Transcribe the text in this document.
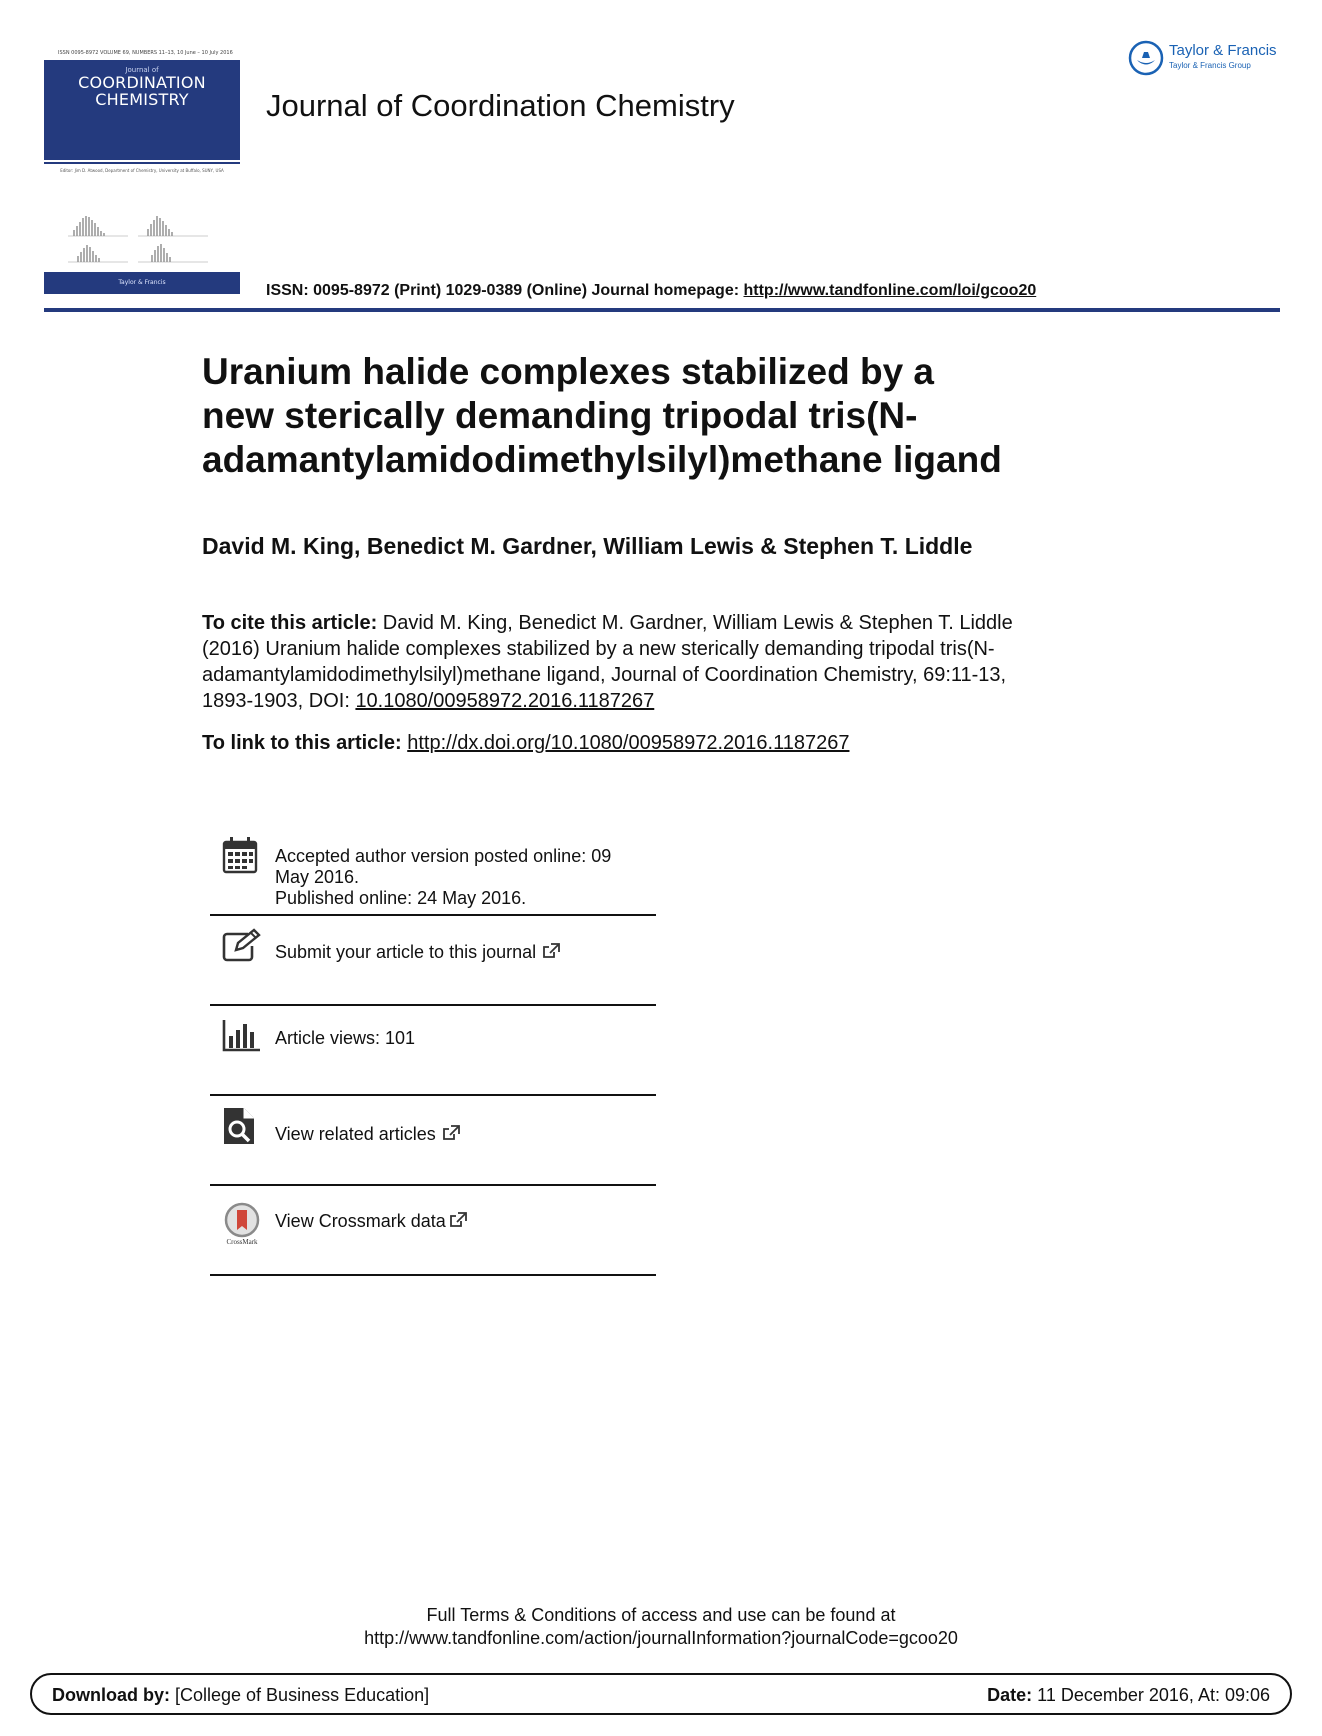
ISSN 0095-8972 VOLUME 69, NUMBERS 11–13, 10 June – 10 July 2016
Journal of
COORDINATION
CHEMISTRY
Editor: Jim D. Atwood, Department of Chemistry, University at Buffalo, SUNY, USA
Taylor & Francis
Journal of Coordination Chemistry
Taylor & Francis
Taylor & Francis Group
ISSN: 0095-8972 (Print) 1029-0389 (Online) Journal homepage: http://www.tandfonline.com/loi/gcoo20
Uranium halide complexes stabilized by a
new sterically demanding tripodal tris(N-
adamantylamidodimethylsilyl)methane ligand
David M. King, Benedict M. Gardner, William Lewis & Stephen T. Liddle
To cite this article: David M. King, Benedict M. Gardner, William Lewis & Stephen T. Liddle
(2016) Uranium halide complexes stabilized by a new sterically demanding tripodal tris(N-
adamantylamidodimethylsilyl)methane ligand, Journal of Coordination Chemistry, 69:11-13,
1893-1903, DOI: 10.1080/00958972.2016.1187267
To link to this article: http://dx.doi.org/10.1080/00958972.2016.1187267
Accepted author version posted online: 09
May 2016.
Published online: 24 May 2016.
Submit your article to this journal
Article views: 101
View related articles
CrossMark
View Crossmark data
Full Terms & Conditions of access and use can be found at
http://www.tandfonline.com/action/journalInformation?journalCode=gcoo20
Download by: [College of Business Education]	Date: 11 December 2016, At: 09:06
